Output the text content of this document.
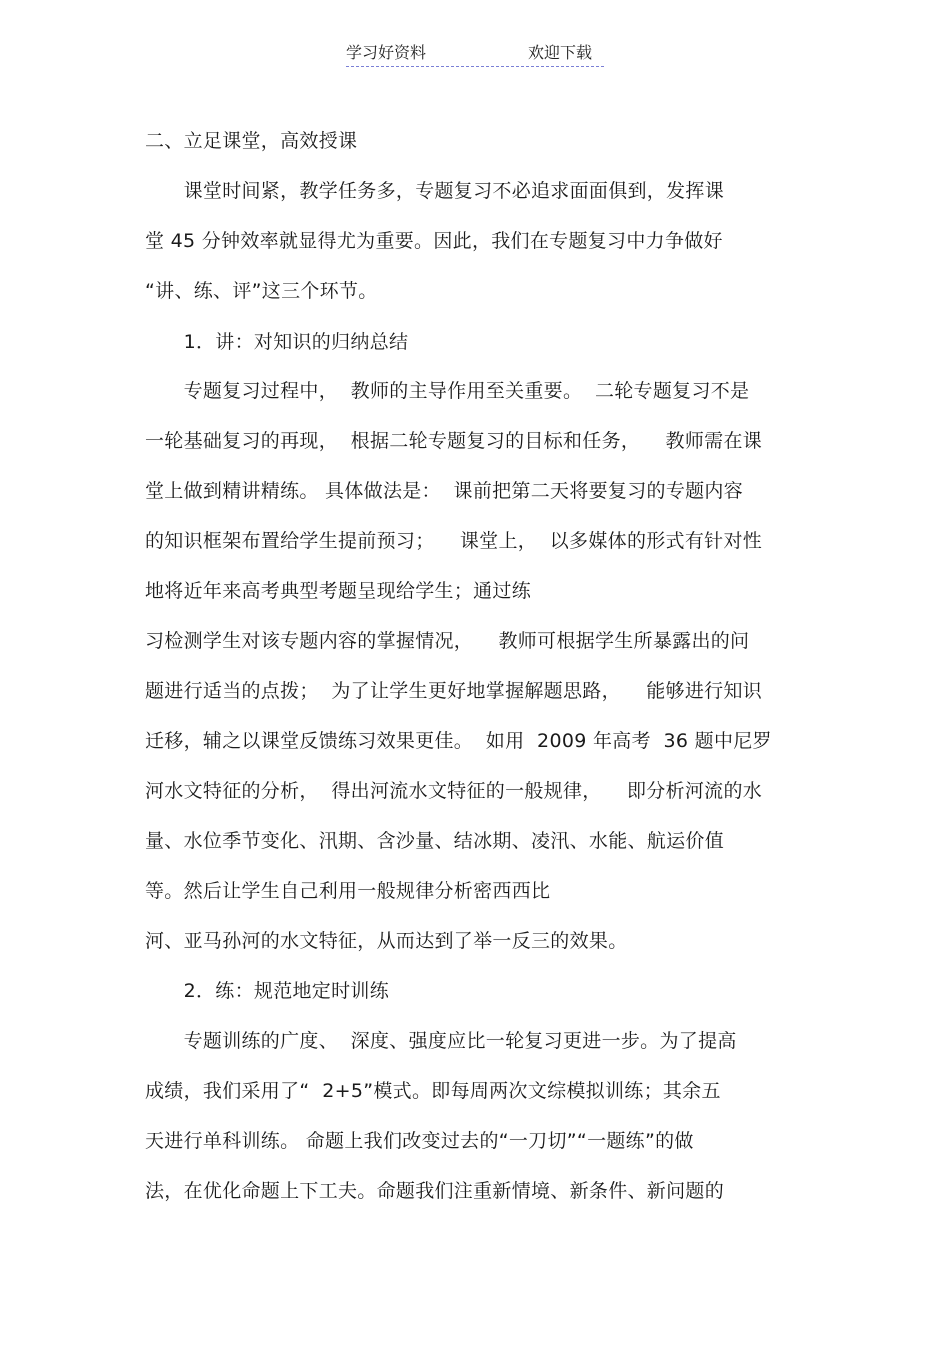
学习好资料	欢迎下载
二、立足课堂，高效授课
　　课堂时间紧，教学任务多，专题复习不必追求面面俱到，发挥课
堂 45 分钟效率就显得尤为重要。因此，我们在专题复习中力争做好
“讲、练、评”这三个环节。
　　1．讲：对知识的归纳总结
　　专题复习过程中，  教师的主导作用至关重要。  二轮专题复习不是
一轮基础复习的再现，  根据二轮专题复习的目标和任务，    教师需在课
堂上做到精讲精练。 具体做法是：  课前把第二天将要复习的专题内容
的知识框架布置给学生提前预习；    课堂上，  以多媒体的形式有针对性
地将近年来高考典型考题呈现给学生；通过练
习检测学生对该专题内容的掌握情况，    教师可根据学生所暴露出的问
题进行适当的点拨；  为了让学生更好地掌握解题思路，    能够进行知识
迁移，辅之以课堂反馈练习效果更佳。  如用  2009 年高考  36 题中尼罗
河水文特征的分析，  得出河流水文特征的一般规律，    即分析河流的水
量、水位季节变化、汛期、含沙量、结冰期、凌汛、水能、航运价值
等。然后让学生自己利用一般规律分析密西西比
河、亚马孙河的水文特征，从而达到了举一反三的效果。
　　2．练：规范地定时训练
　　专题训练的广度、  深度、强度应比一轮复习更进一步。为了提高
成绩，我们采用了“  2+5”模式。即每周两次文综模拟训练；其余五
天进行单科训练。 命题上我们改变过去的“一刀切”“一题练”的做
法，在优化命题上下工夫。命题我们注重新情境、新条件、新问题的
